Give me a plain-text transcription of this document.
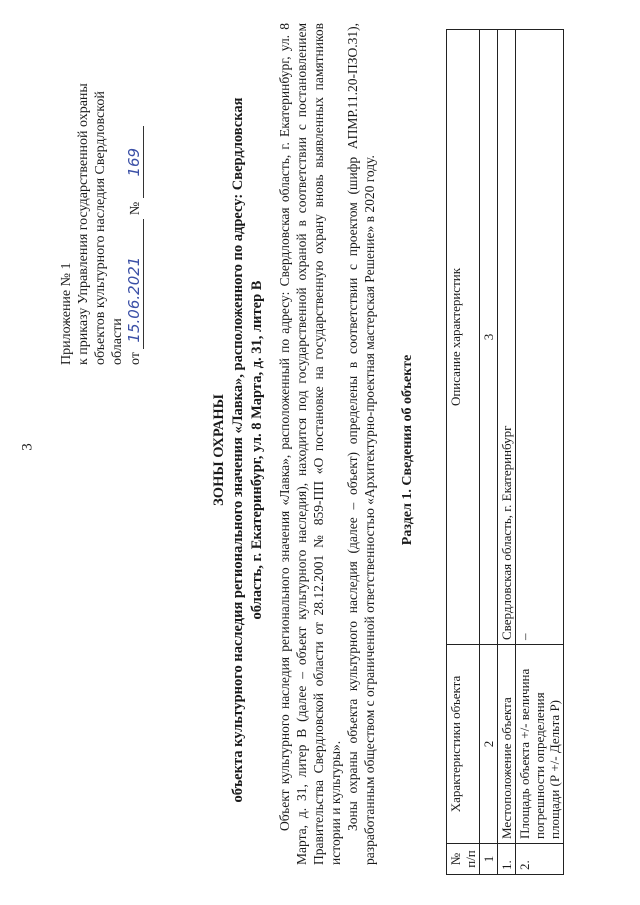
3
Приложение № 1 к приказу Управления государственной охраны объектов культурного наследия Свердловской области от 15.06.2021 № 169
ЗОНЫ ОХРАНЫ объекта культурного наследия регионального значения «Лавка», расположенного по адресу: Свердловская область, г. Екатеринбург, ул. 8 Марта, д. 31, литер В Объект культурного наследия регионального значения «Лавка», расположенный по адресу: Свердловская область, г. Екатеринбург, ул. 8 Марта, д. 31, литер В (далее – объект культурного наследия), находится под государственной охраной в соответствии с постановлением Правительства Свердловской области от 28.12.2001 № 859-ПП «О постановке на государственную охрану вновь выявленных памятников истории и культуры». Зоны охраны объекта культурного наследия (далее – объект) определены в соответствии с проектом (шифр АПМР.11.20-ПЗО.31), разработанным обществом с ограниченной ответственностью «Архитектурно-проектная мастерская Решение» в 2020 году. Раздел 1. Сведения об объекте
№ п/п	Характеристики объекта	Описание характеристик
1	2	3
1.	Местоположение объекта	Свердловская область, г. Екатеринбург
2.	Площадь объекта +/- величина погрешности определения площади (Р +/- Дельта Р)	–
